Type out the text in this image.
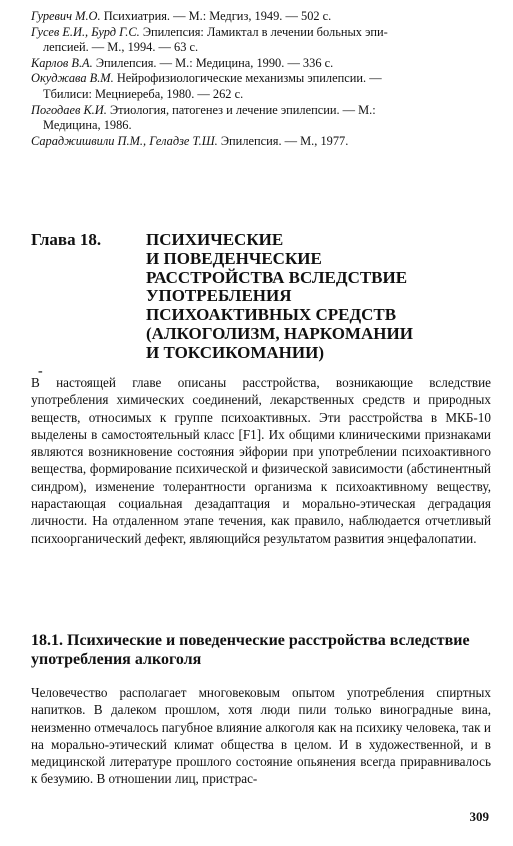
Гуревич М.О. Психиатрия. — М.: Медгиз, 1949. — 502 с.
Гусев Е.И., Бурд Г.С. Эпилепсия: Ламиктал в лечении больных эпи-
лепсией. — М., 1994. — 63 с.
Карлов В.А. Эпилепсия. — М.: Медицина, 1990. — 336 с.
Окуджава В.М. Нейрофизиологические механизмы эпилепсии. —
Тбилиси: Мецниереба, 1980. — 262 с.
Погодаев К.И. Этиология, патогенез и лечение эпилепсии. — М.:
Медицина, 1986.
Сараджишвили П.М., Геладзе Т.Ш. Эпилепсия. — М., 1977.
Глава 18.	ПСИХИЧЕСКИЕ
И ПОВЕДЕНЧЕСКИЕ
РАССТРОЙСТВА ВСЛЕДСТВИЕ
УПОТРЕБЛЕНИЯ
ПСИХОАКТИВНЫХ СРЕДСТВ
(АЛКОГОЛИЗМ, НАРКОМАНИИ
И ТОКСИКОМАНИИ)
-

В настоящей главе описаны расстройства, возникающие вследствие употребления химических соединений, лекарственных средств и природных веществ, относимых к группе психоактивных. Эти расстройства в МКБ-10 выделены в самостоятельный класс [F1]. Их общими клиническими признаками являются возникновение состояния эйфории при употреблении психоактивного вещества, формирование психической и физической зависимости (абстинентный синдром), изменение толерантности организма к психоактивному веществу, нарастающая социальная дезадаптация и морально-этическая деградация личности. На отдаленном этапе течения, как правило, наблюдается отчетливый психоорганический дефект, являющийся результатом развития энцефалопатии.

18.1. Психические и поведенческие расстройства вследствие употребления алкоголя

Человечество располагает многовековым опытом употребления спиртных напитков. В далеком прошлом, хотя люди пили только виноградные вина, неизменно отмечалось пагубное влияние алкоголя как на психику человека, так и на морально-этический климат общества в целом. И в художественной, и в медицинской литературе прошлого состояние опьянения всегда приравнивалось к безумию. В отношении лиц, пристрас-

309
